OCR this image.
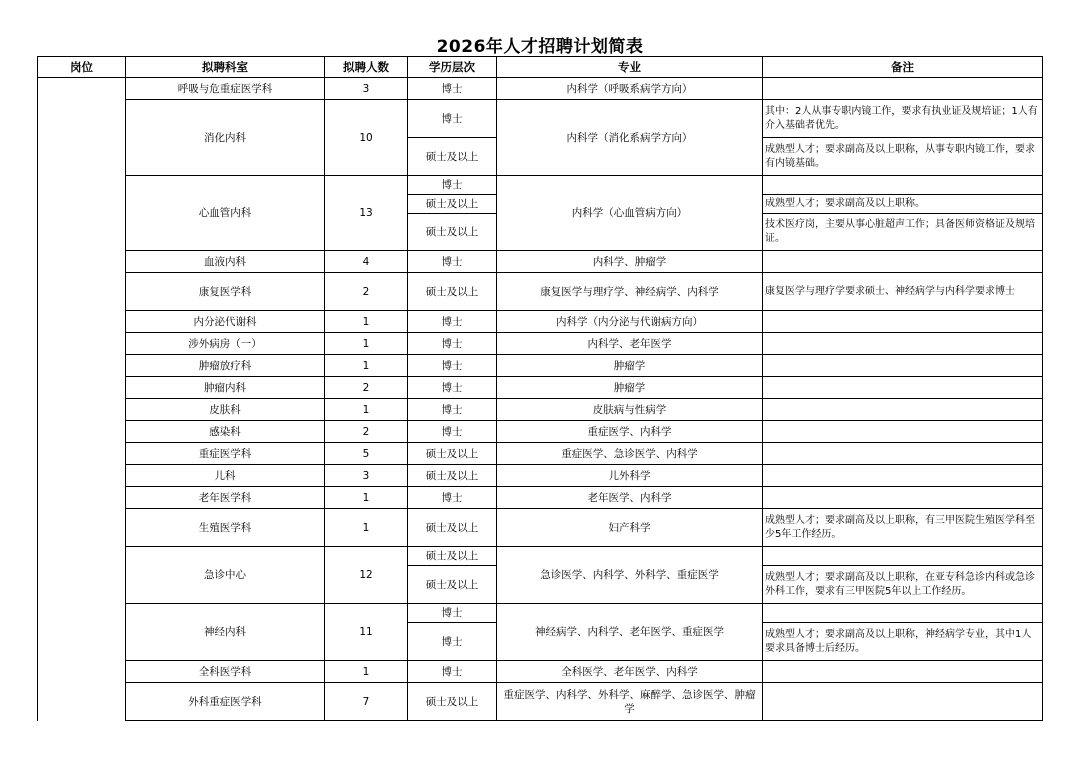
2026年人才招聘计划简表
岗位	拟聘科室	拟聘人数	学历层次	专业	备注
	呼吸与危重症医学科	3	博士	内科学（呼吸系病学方向）	
	消化内科	10	博士	内科学（消化系病学方向）	其中：2人从事专职内镜工作，要求有执业证及规培证；1人有介入基础者优先。
			硕士及以上		成熟型人才；要求副高及以上职称，从事专职内镜工作，要求有内镜基础。
	心血管内科	13	博士	内科学（心血管病方向）	
			硕士及以上		成熟型人才；要求副高及以上职称。
			硕士及以上		技术医疗岗，主要从事心脏超声工作；具备医师资格证及规培证。
	血液内科	4	博士	内科学、肿瘤学	
	康复医学科	2	硕士及以上	康复医学与理疗学、神经病学、内科学	康复医学与理疗学要求硕士、神经病学与内科学要求博士
	内分泌代谢科	1	博士	内科学（内分泌与代谢病方向）	
	涉外病房（一）	1	博士	内科学、老年医学	
	肿瘤放疗科	1	博士	肿瘤学	
	肿瘤内科	2	博士	肿瘤学	
	皮肤科	1	博士	皮肤病与性病学	
	感染科	2	博士	重症医学、内科学	
	重症医学科	5	硕士及以上	重症医学、急诊医学、内科学	
	儿科	3	硕士及以上	儿外科学	
	老年医学科	1	博士	老年医学、内科学	
	生殖医学科	1	硕士及以上	妇产科学	成熟型人才；要求副高及以上职称，有三甲医院生殖医学科至少5年工作经历。
	急诊中心	12	硕士及以上	急诊医学、内科学、外科学、重症医学	
			硕士及以上		成熟型人才；要求副高及以上职称，在亚专科急诊内科或急诊外科工作，要求有三甲医院5年以上工作经历。
	神经内科	11	博士	神经病学、内科学、老年医学、重症医学	
			博士		成熟型人才；要求副高及以上职称，神经病学专业，其中1人要求具备博士后经历。
	全科医学科	1	博士	全科医学、老年医学、内科学	
	外科重症医学科	7	硕士及以上	重症医学、内科学、外科学、麻醉学、急诊医学、肿瘤学	
